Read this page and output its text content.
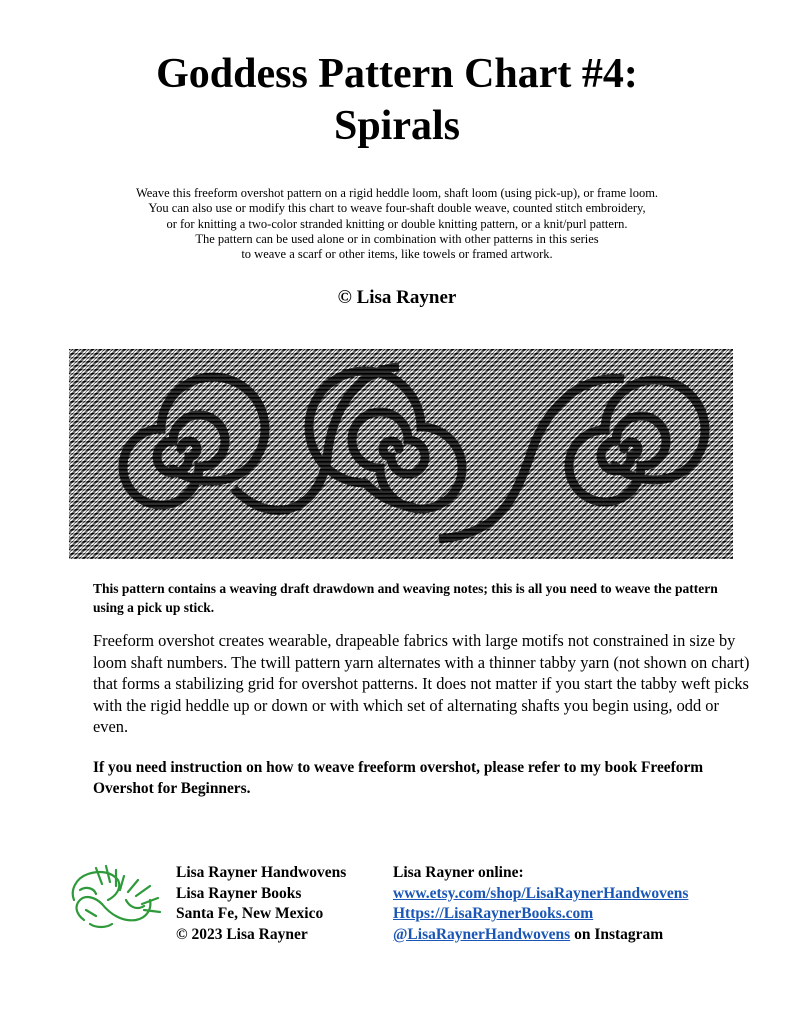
Goddess Pattern Chart #4:
Spirals
Weave this freeform overshot pattern on a rigid heddle loom, shaft loom (using pick-up), or frame loom.
You can also use or modify this chart to weave four-shaft double weave, counted stitch embroidery,
or for knitting a two-color stranded knitting or double knitting pattern, or a knit/purl pattern.
The pattern can be used alone or in combination with other patterns in this series
to weave a scarf or other items, like towels or framed artwork.
© Lisa Rayner
This pattern contains a weaving draft drawdown and weaving notes; this is all you need to weave the pattern using a pick up stick.
Freeform overshot creates wearable, drapeable fabrics with large motifs not constrained in size by loom shaft numbers. The twill pattern yarn alternates with a thinner tabby yarn (not shown on chart) that forms a stabilizing grid for overshot patterns. It does not matter if you start the tabby weft picks with the rigid heddle up or down or with which set of alternating shafts you begin using, odd or even.
If you need instruction on how to weave freeform overshot, please refer to my book Freeform Overshot for Beginners.
Lisa Rayner Handwovens
Lisa Rayner Books
Santa Fe, New Mexico
© 2023 Lisa Rayner
Lisa Rayner online:
www.etsy.com/shop/LisaRaynerHandwovens
Https://LisaRaynerBooks.com
@LisaRaynerHandwovens on Instagram
